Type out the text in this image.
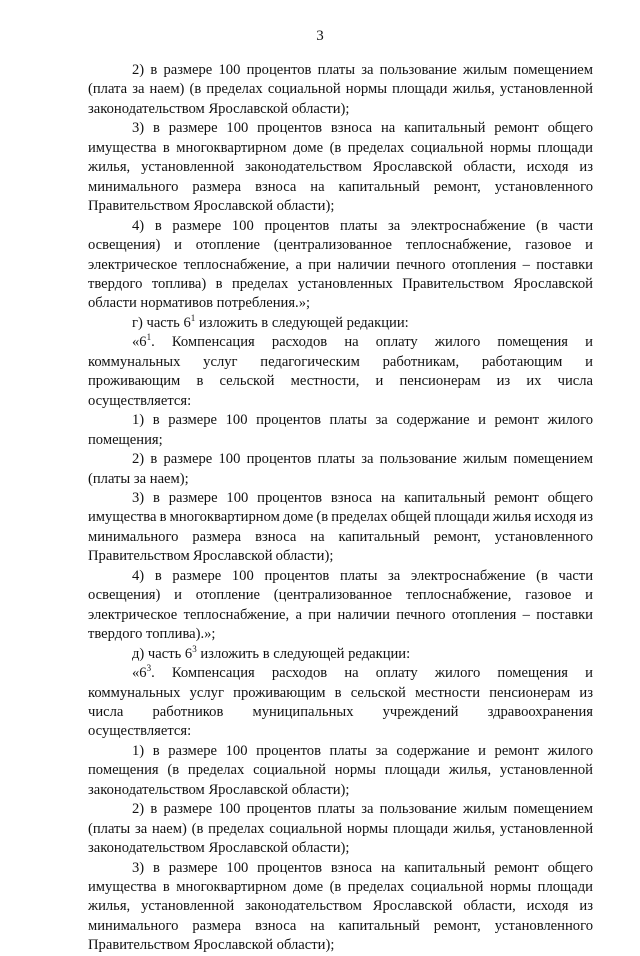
3

2) в размере 100 процентов платы за пользование жилым помещением (плата за наем) (в пределах социальной нормы площади жилья, установленной законодательством Ярославской области);

3) в размере 100 процентов взноса на капитальный ремонт общего имущества в многоквартирном доме (в пределах социальной нормы площади жилья, установленной законодательством Ярославской области, исходя из минимального размера взноса на капитальный ремонт, установленного Правительством Ярославской области);

4) в размере 100 процентов платы за электроснабжение (в части освещения) и отопление (централизованное теплоснабжение, газовое и электрическое теплоснабжение, а при наличии печного отопления – поставки твердого топлива) в пределах установленных Правительством Ярославской области нормативов потребления.»;

г) часть $6^1$ изложить в следующей редакции:

«$6^1$. Компенсация расходов на оплату жилого помещения и коммунальных услуг педагогическим работникам, работающим и проживающим в сельской местности, и пенсионерам из их числа осуществляется:

1) в размере 100 процентов платы за содержание и ремонт жилого помещения;

2) в размере 100 процентов платы за пользование жилым помещением (платы за наем);

3) в размере 100 процентов взноса на капитальный ремонт общего имущества в многоквартирном доме (в пределах общей площади жилья исходя из минимального размера взноса на капитальный ремонт, установленного Правительством Ярославской области);

4) в размере 100 процентов платы за электроснабжение (в части освещения) и отопление (централизованное теплоснабжение, газовое и электрическое теплоснабжение, а при наличии печного отопления – поставки твердого топлива).»;

д) часть $6^3$ изложить в следующей редакции:

«$6^3$. Компенсация расходов на оплату жилого помещения и коммунальных услуг проживающим в сельской местности пенсионерам из числа работников муниципальных учреждений здравоохранения осуществляется:

1) в размере 100 процентов платы за содержание и ремонт жилого помещения (в пределах социальной нормы площади жилья, установленной законодательством Ярославской области);

2) в размере 100 процентов платы за пользование жилым помещением (платы за наем) (в пределах социальной нормы площади жилья, установленной законодательством Ярославской области);

3) в размере 100 процентов взноса на капитальный ремонт общего имущества в многоквартирном доме (в пределах социальной нормы площади жилья, установленной законодательством Ярославской области, исходя из минимального размера взноса на капитальный ремонт, установленного Правительством Ярославской области);
